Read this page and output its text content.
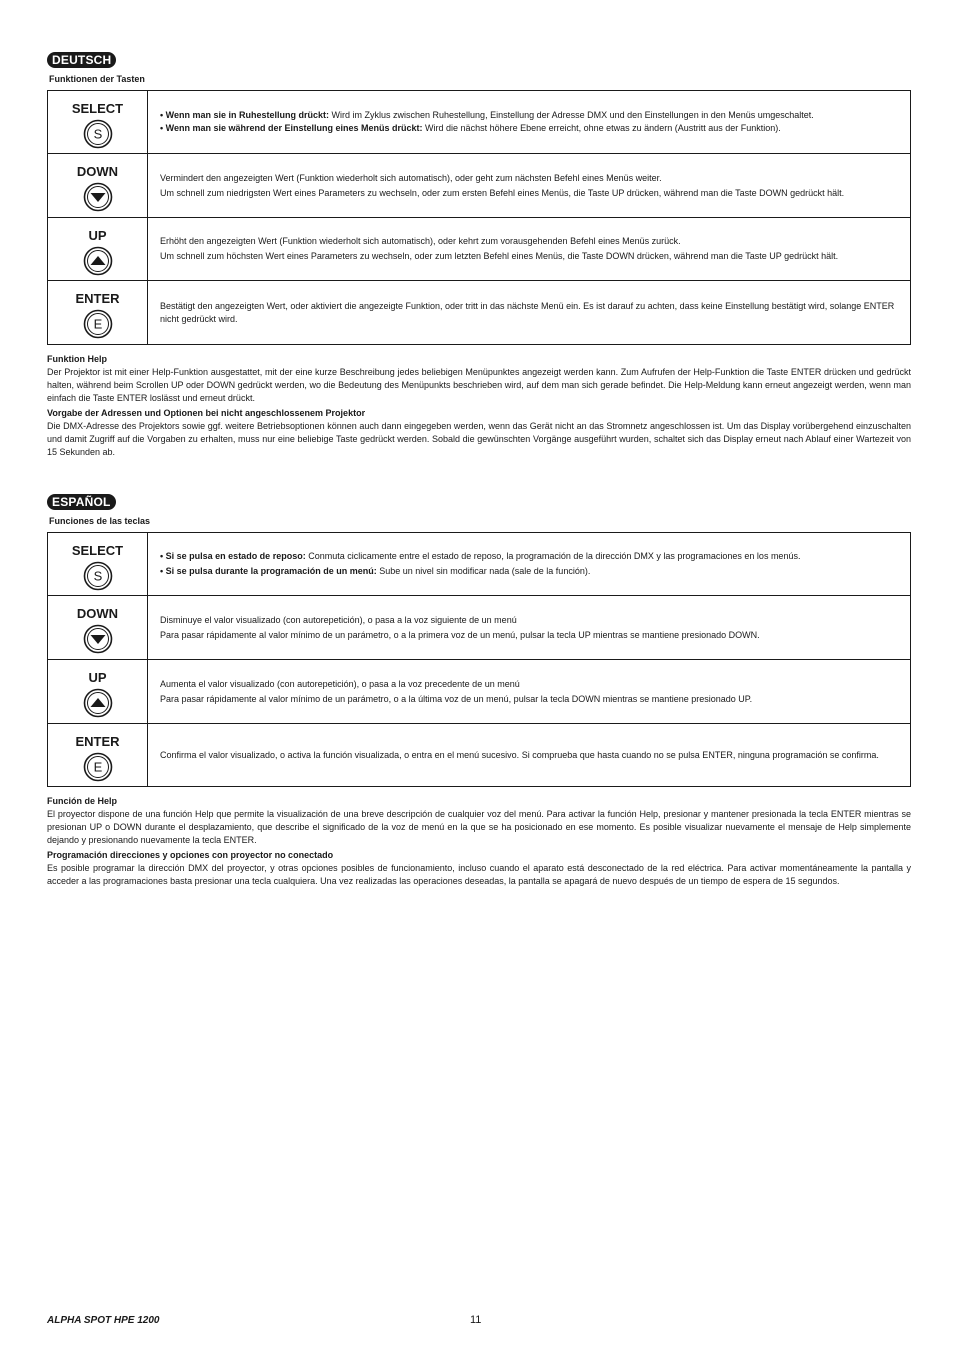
DEUTSCH
Funktionen der Tasten
SELECT
S	• Wenn man sie in Ruhestellung drückt: Wird im Zyklus zwischen Ruhestellung, Einstellung der Adresse DMX und den Einstellungen in den Menüs umgeschaltet.
• Wenn man sie während der Einstellung eines Menüs drückt: Wird die nächst höhere Ebene erreicht, ohne etwas zu ändern (Austritt aus der Funktion).

DOWN	Vermindert den angezeigten Wert (Funktion wiederholt sich automatisch), oder geht zum nächsten Befehl eines Menüs weiter.
Um schnell zum niedrigsten Wert eines Parameters zu wechseln, oder zum ersten Befehl eines Menüs, die Taste UP drücken, während man die Taste DOWN gedrückt hält.

UP	Erhöht den angezeigten Wert (Funktion wiederholt sich automatisch), oder kehrt zum vorausgehenden Befehl eines Menüs zurück.
Um schnell zum höchsten Wert eines Parameters zu wechseln, oder zum letzten Befehl eines Menüs, die Taste DOWN drücken, während man die Taste UP gedrückt hält.

ENTER
E	Bestätigt den angezeigten Wert, oder aktiviert die angezeigte Funktion, oder tritt in das nächste Menü ein. Es ist darauf zu achten, dass keine Einstellung bestätigt wird, solange ENTER nicht gedrückt wird.
Funktion Help
Der Projektor ist mit einer Help-Funktion ausgestattet, mit der eine kurze Beschreibung jedes beliebigen Menüpunktes angezeigt werden kann. Zum Aufrufen der Help-Funktion die Taste ENTER drücken und gedrückt halten, während beim Scrollen UP oder DOWN gedrückt werden, wo die Bedeutung des Menüpunkts beschrieben wird, auf dem man sich gerade befindet. Die Help-Meldung kann erneut angezeigt werden, wenn man einfach die Taste ENTER loslässt und erneut drückt.
Vorgabe der Adressen und Optionen bei nicht angeschlossenem Projektor
Die DMX-Adresse des Projektors sowie ggf. weitere Betriebsoptionen können auch dann eingegeben werden, wenn das Gerät nicht an das Stromnetz angeschlossen ist. Um das Display vorübergehend einzuschalten und damit Zugriff auf die Vorgaben zu erhalten, muss nur eine beliebige Taste gedrückt werden. Sobald die gewünschten Vorgänge ausgeführt wurden, schaltet sich das Display erneut nach Ablauf einer Wartezeit von 15 Sekunden ab.
ESPAÑOL
Funciones de las teclas
SELECT
S	• Si se pulsa en estado de reposo: Conmuta ciclicamente entre el estado de reposo, la programación de la dirección DMX y las programaciones en los menús.
• Si se pulsa durante la programación de un menú: Sube un nivel sin modificar nada (sale de la función).

DOWN	Disminuye el valor visualizado (con autorepetición), o pasa a la voz siguiente de un menú
Para pasar rápidamente al valor mínimo de un parámetro, o a la primera voz de un menú, pulsar la tecla UP mientras se mantiene presionado DOWN.

UP	Aumenta el valor visualizado (con autorepetición), o pasa a la voz precedente de un menú
Para pasar rápidamente al valor mínimo de un parámetro, o a la última voz de un menú, pulsar la tecla DOWN mientras se mantiene presionado UP.

ENTER
E	Confirma el valor visualizado, o activa la función visualizada, o entra en el menú sucesivo. Si comprueba que hasta cuando no se pulsa ENTER, ninguna programación se confirma.
Función de Help
El proyector dispone de una función Help que permite la visualización de una breve descripción de cualquier voz del menú. Para activar la función Help, presionar y mantener presionada la tecla ENTER mientras se presionan UP o DOWN durante el desplazamiento, que describe el significado de la voz de menú en la que se ha posicionado en ese momento. Es posible visualizar nuevamente el mensaje de Help simplemente dejando y presionando nuevamente la tecla ENTER.
Programación direcciones y opciones con proyector no conectado
Es posible programar la dirección DMX del proyector, y otras opciones posibles de funcionamiento, incluso cuando el aparato está desconectado de la red eléctrica. Para activar momentáneamente la pantalla y acceder a las programaciones basta presionar una tecla cualquiera. Una vez realizadas las operaciones deseadas, la pantalla se apagará de nuevo después de un tiempo de espera de 15 segundos.
ALPHA SPOT HPE 1200	11
